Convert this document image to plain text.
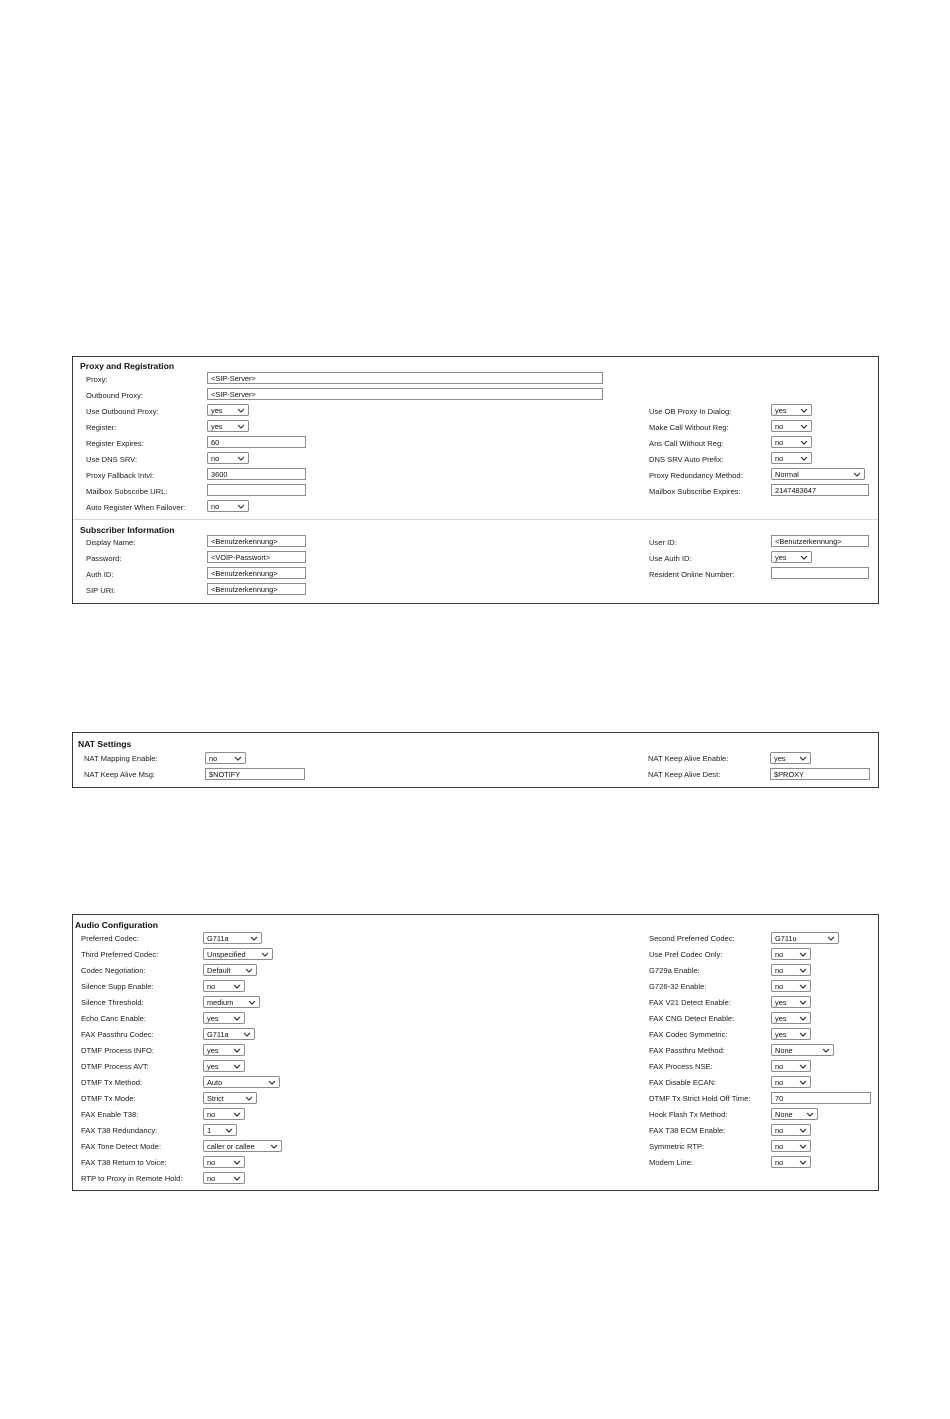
Proxy and Registration
Proxy:	<SIP-Server>
Outbound Proxy:	<SIP-Server>
Use Outbound Proxy:	yes
Register:	yes
Register Expires:	60
Use DNS SRV:	no
Proxy Fallback Intvl:	3600
Mailbox Subscribe URL:
Auto Register When Failover:	no
Use OB Proxy In Dialog:	yes
Make Call Without Reg:	no
Ans Call Without Reg:	no
DNS SRV Auto Prefix:	no
Proxy Redundancy Method:	Normal
Mailbox Subscribe Expires:	2147483647
Subscriber Information
Display Name:	<Benutzerkennung>
Password:	<VOIP-Passwort>
Auth ID:	<Benutzerkennung>
SIP URI:	<Benutzerkennung>
User ID:	<Benutzerkennung>
Use Auth ID:	yes
Resident Online Number:
NAT Settings
NAT Mapping Enable:	no
NAT Keep Alive Msg:	$NOTIFY
NAT Keep Alive Enable:	yes
NAT Keep Alive Dest:	$PROXY
Audio Configuration
Preferred Codec:	G711a
Third Preferred Codec:	Unspecified
Codec Negotiation:	Default
Silence Supp Enable:	no
Silence Threshold:	medium
Echo Canc Enable:	yes
FAX Passthru Codec:	G711a
DTMF Process INFO:	yes
DTMF Process AVT:	yes
DTMF Tx Method:	Auto
DTMF Tx Mode:	Strict
FAX Enable T38:	no
FAX T38 Redundancy:	1
FAX Tone Detect Mode:	caller or callee
FAX T38 Return to Voice:	no
RTP to Proxy in Remote Hold:	no
Second Preferred Codec:	G711u
Use Pref Codec Only:	no
G729a Enable:	no
G726-32 Enable:	no
FAX V21 Detect Enable:	yes
FAX CNG Detect Enable:	yes
FAX Codec Symmetric:	yes
FAX Passthru Method:	None
FAX Process NSE:	no
FAX Disable ECAN:	no
DTMF Tx Strict Hold Off Time:	70
Hook Flash Tx Method:	None
FAX T38 ECM Enable:	no
Symmetric RTP:	no
Modem Line:	no
